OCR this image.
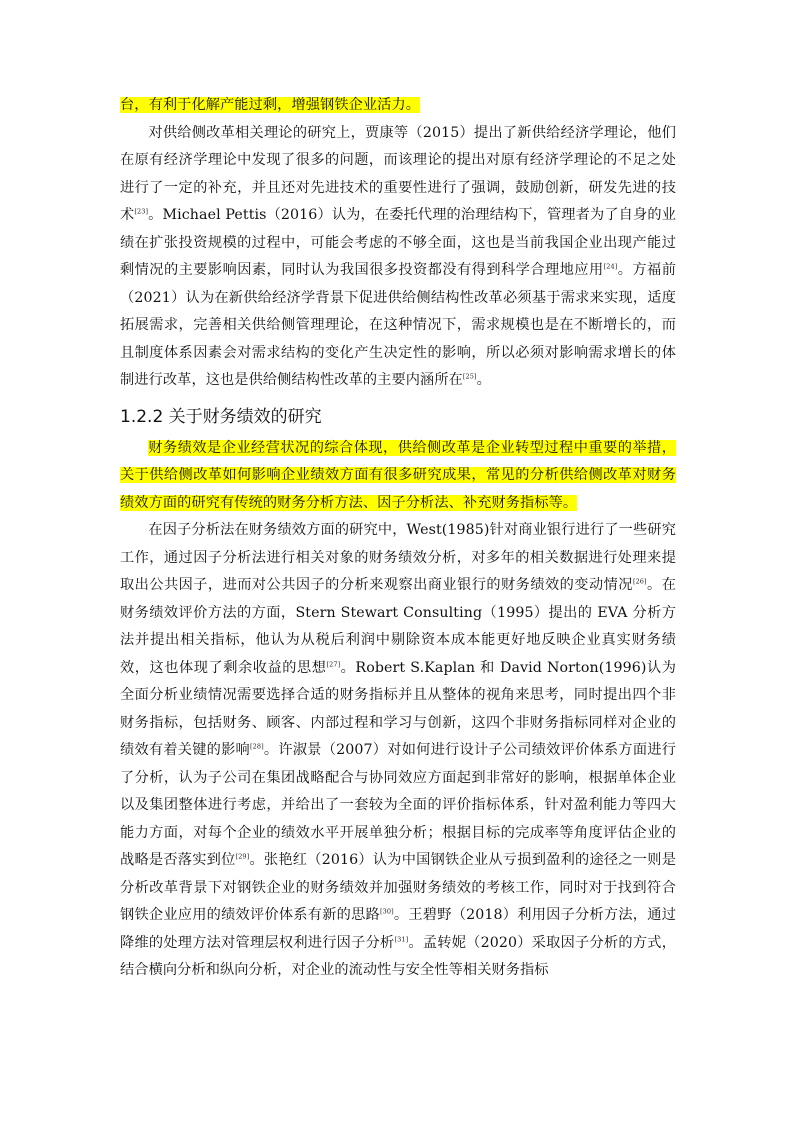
台，有利于化解产能过剩，增强钢铁企业活力。

对供给侧改革相关理论的研究上，贾康等（2015）提出了新供给经济学理论，他们在原有经济学理论中发现了很多的问题，而该理论的提出对原有经济学理论的不足之处进行了一定的补充，并且还对先进技术的重要性进行了强调，鼓励创新，研发先进的技术[23]。Michael Pettis（2016）认为，在委托代理的治理结构下，管理者为了自身的业绩在扩张投资规模的过程中，可能会考虑的不够全面，这也是当前我国企业出现产能过剩情况的主要影响因素，同时认为我国很多投资都没有得到科学合理地应用[24]。方福前（2021）认为在新供给经济学背景下促进供给侧结构性改革必须基于需求来实现，适度拓展需求，完善相关供给侧管理理论，在这种情况下，需求规模也是在不断增长的，而且制度体系因素会对需求结构的变化产生决定性的影响，所以必须对影响需求增长的体制进行改革，这也是供给侧结构性改革的主要内涵所在[25]。

1.2.2 关于财务绩效的研究

财务绩效是企业经营状况的综合体现，供给侧改革是企业转型过程中重要的举措，关于供给侧改革如何影响企业绩效方面有很多研究成果，常见的分析供给侧改革对财务绩效方面的研究有传统的财务分析方法、因子分析法、补充财务指标等。

在因子分析法在财务绩效方面的研究中，West(1985)针对商业银行进行了一些研究工作，通过因子分析法进行相关对象的财务绩效分析，对多年的相关数据进行处理来提取出公共因子，进而对公共因子的分析来观察出商业银行的财务绩效的变动情况[26]。在财务绩效评价方法的方面，Stern Stewart Consulting（1995）提出的 EVA 分析方法并提出相关指标，他认为从税后利润中剔除资本成本能更好地反映企业真实财务绩效，这也体现了剩余收益的思想[27]。Robert S.Kaplan 和 David Norton(1996)认为全面分析业绩情况需要选择合适的财务指标并且从整体的视角来思考，同时提出四个非财务指标，包括财务、顾客、内部过程和学习与创新，这四个非财务指标同样对企业的绩效有着关键的影响[28]。许淑景（2007）对如何进行设计子公司绩效评价体系方面进行了分析，认为子公司在集团战略配合与协同效应方面起到非常好的影响，根据单体企业以及集团整体进行考虑，并给出了一套较为全面的评价指标体系，针对盈利能力等四大能力方面，对每个企业的绩效水平开展单独分析；根据目标的完成率等角度评估企业的战略是否落实到位[29]。张艳红（2016）认为中国钢铁企业从亏损到盈利的途径之一则是分析改革背景下对钢铁企业的财务绩效并加强财务绩效的考核工作，同时对于找到符合钢铁企业应用的绩效评价体系有新的思路[30]。王碧野（2018）利用因子分析方法，通过降维的处理方法对管理层权利进行因子分析[31]。孟转妮（2020）采取因子分析的方式，结合横向分析和纵向分析，对企业的流动性与安全性等相关财务指标
